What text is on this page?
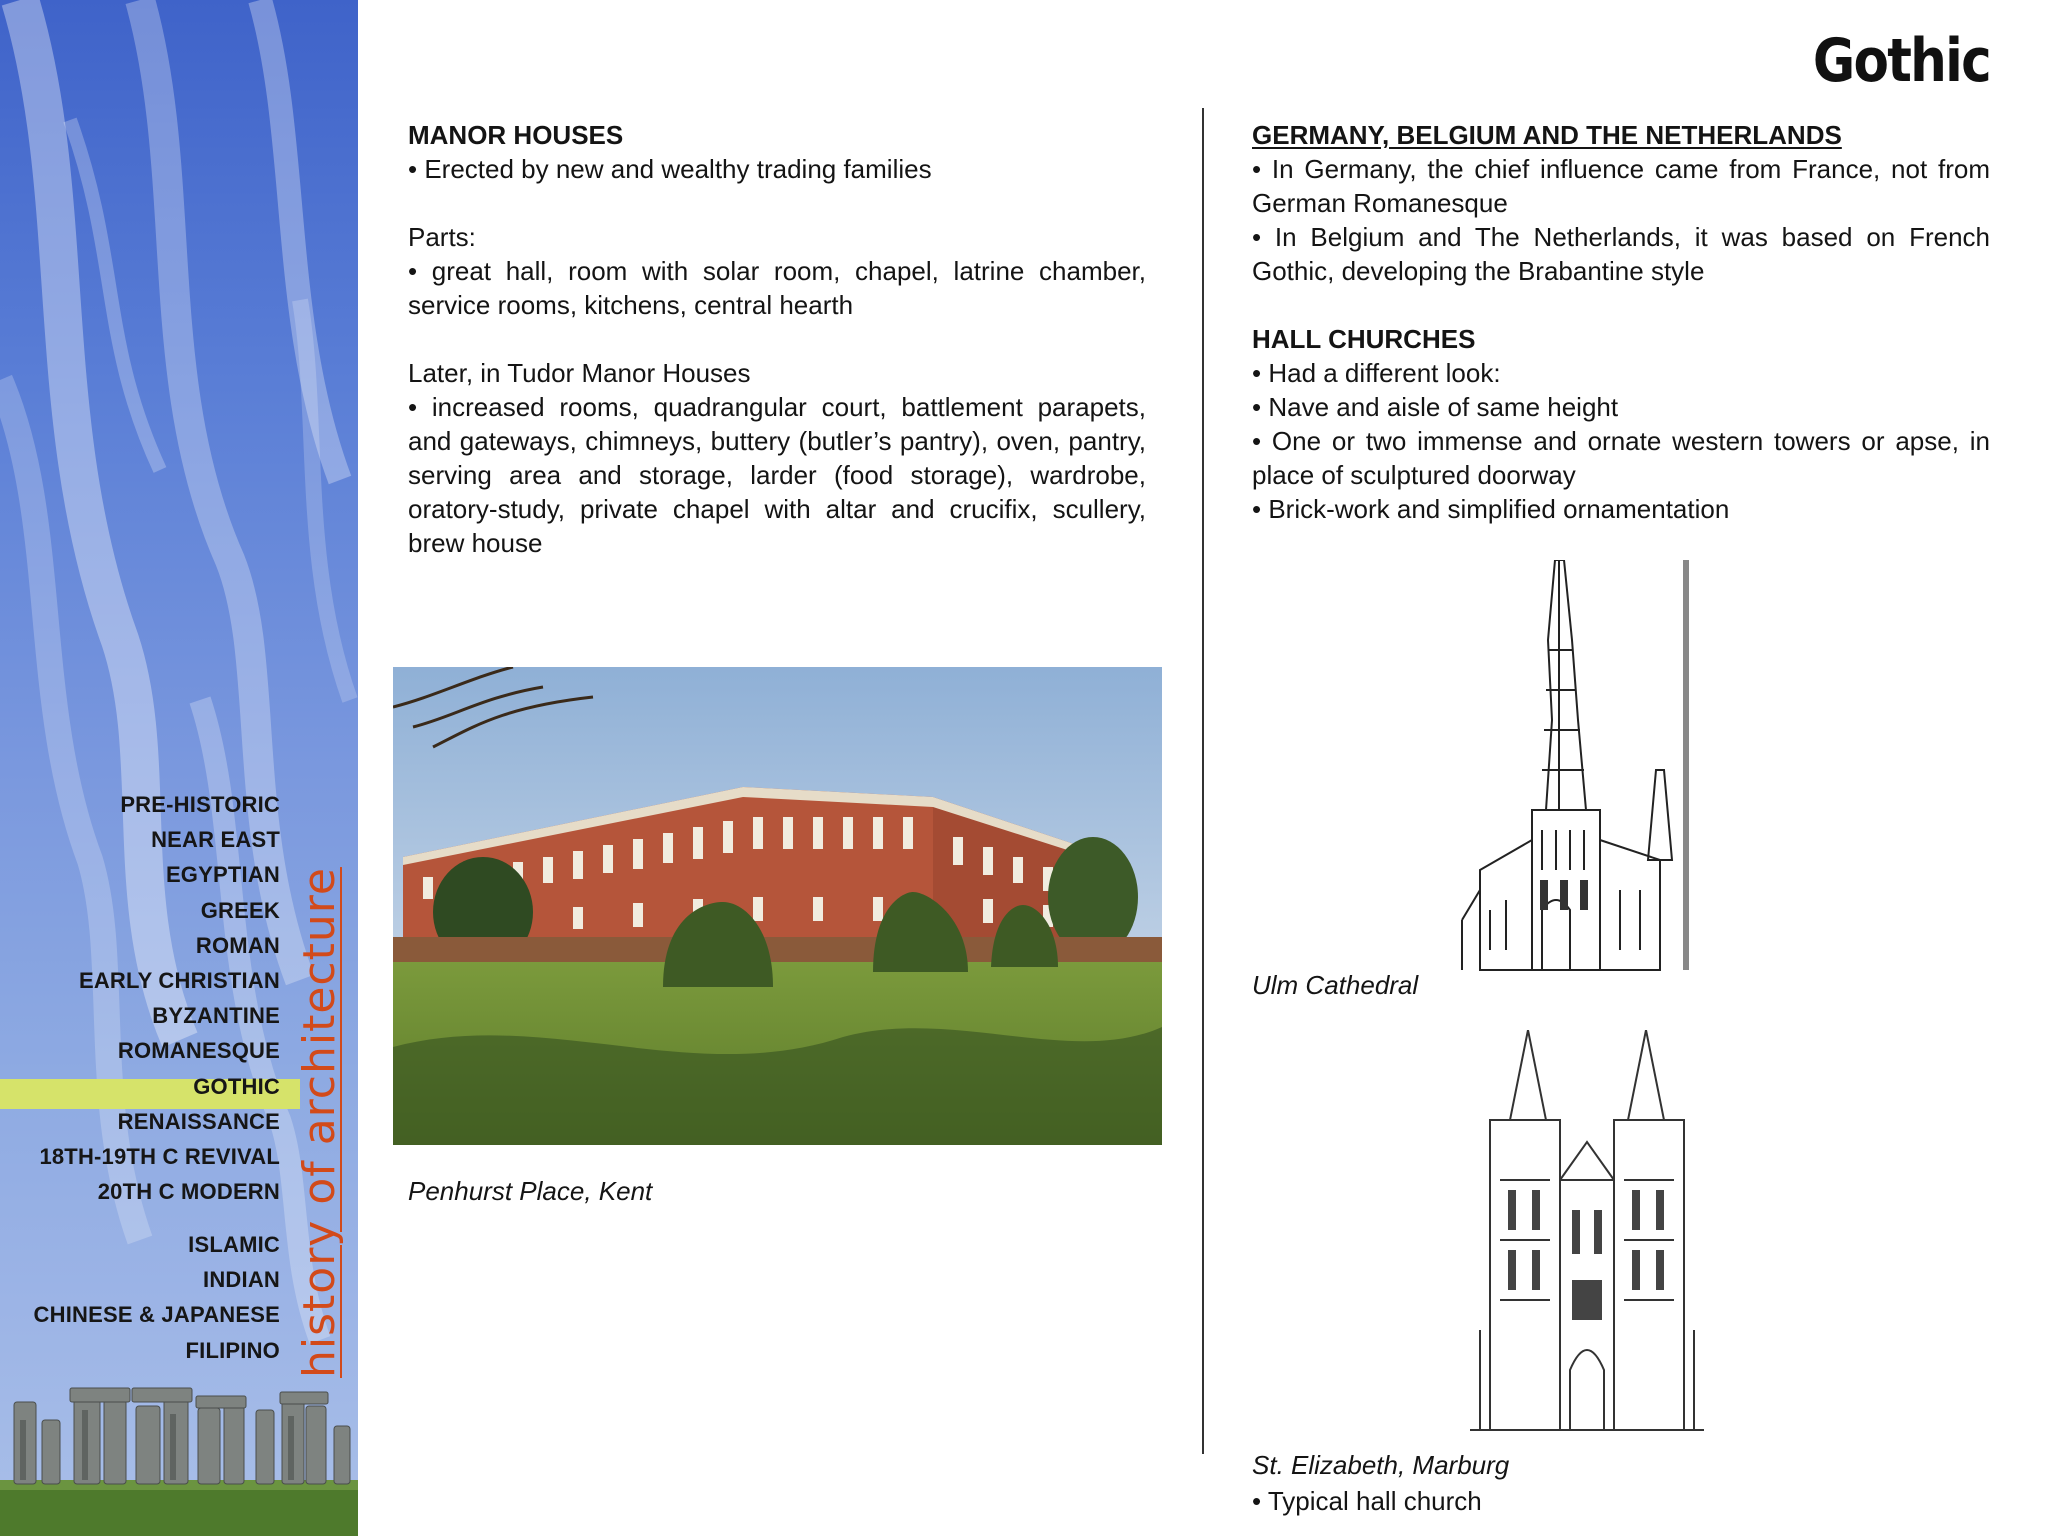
PRE-HISTORIC
NEAR EAST
EGYPTIAN
GREEK
ROMAN
EARLY CHRISTIAN
BYZANTINE
ROMANESQUE
GOTHIC
RENAISSANCE
18TH-19TH C REVIVAL
20TH C MODERN
ISLAMIC
INDIAN
CHINESE & JAPANESE
FILIPINO history of architecture
Gothic
MANOR HOUSES

• Erected by new and wealthy trading families

Parts:

• great hall, room with solar room, chapel, latrine chamber, service rooms, kitchens, central hearth

Later, in Tudor Manor Houses

• increased rooms, quadrangular court, battlement parapets, and gateways, chimneys, buttery (butler’s pantry), oven, pantry, serving area and storage, larder (food storage), wardrobe, oratory-study, private chapel with altar and crucifix, scullery, brew house

Penhurst Place, Kent
GERMANY, BELGIUM AND THE NETHERLANDS

• In Germany, the chief influence came from France, not from German Romanesque

• In Belgium and The Netherlands, it was based on French Gothic, developing the Brabantine style

HALL CHURCHES

• Had a different look:

• Nave and aisle of same height

• One or two immense and ornate western towers or apse, in place of sculptured doorway

• Brick-work and simplified ornamentation

Ulm Cathedral
St. Elizabeth, Marburg
• Typical hall church
